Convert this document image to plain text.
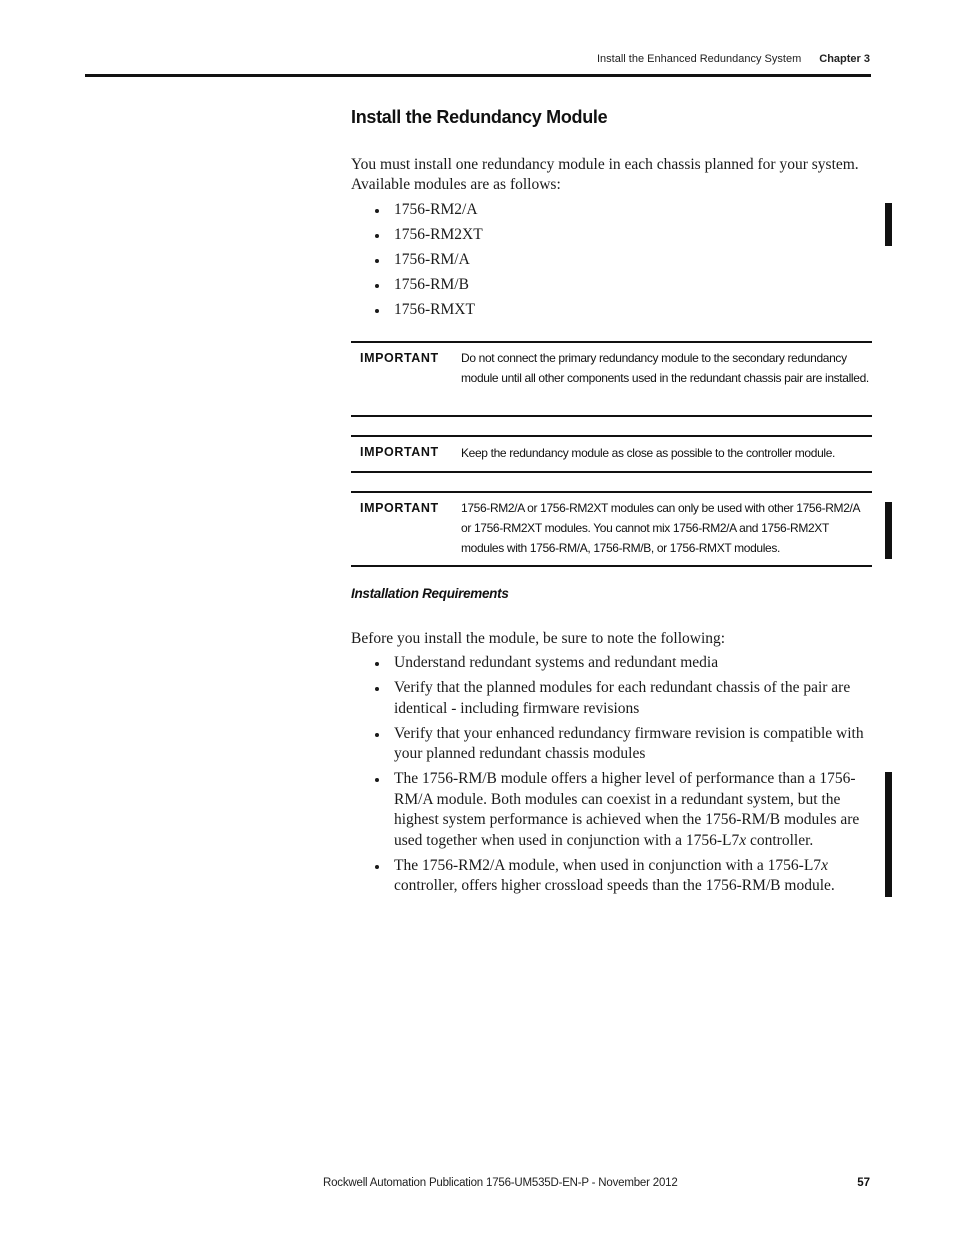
Install the Enhanced Redundancy System Chapter 3
Install the Redundancy Module

You must install one redundancy module in each chassis planned for your system. Available modules are as follows:

1756-RM2/A
1756-RM2XT
1756-RM/A
1756-RM/B
1756-RMXT
IMPORTANT Do not connect the primary redundancy module to the secondary redundancy module until all other components used in the redundant chassis pair are installed.
IMPORTANT Keep the redundancy module as close as possible to the controller module.
IMPORTANT 1756-RM2/A or 1756-RM2XT modules can only be used with other 1756-RM2/A or 1756-RM2XT modules. You cannot mix 1756-RM2/A and 1756-RM2XT modules with 1756-RM/A, 1756-RM/B, or 1756-RMXT modules.
Installation Requirements

Before you install the module, be sure to note the following:

Understand redundant systems and redundant media
Verify that the planned modules for each redundant chassis of the pair are identical - including firmware revisions
Verify that your enhanced redundancy firmware revision is compatible with your planned redundant chassis modules
The 1756-RM/B module offers a higher level of performance than a 1756-RM/A module. Both modules can coexist in a redundant system, but the highest system performance is achieved when the 1756-RM/B modules are used together when used in conjunction with a 1756-L7x controller.
The 1756-RM2/A module, when used in conjunction with a 1756-L7x controller, offers higher crossload speeds than the 1756-RM/B module.
Rockwell Automation Publication 1756-UM535D-EN-P - November 2012	57
